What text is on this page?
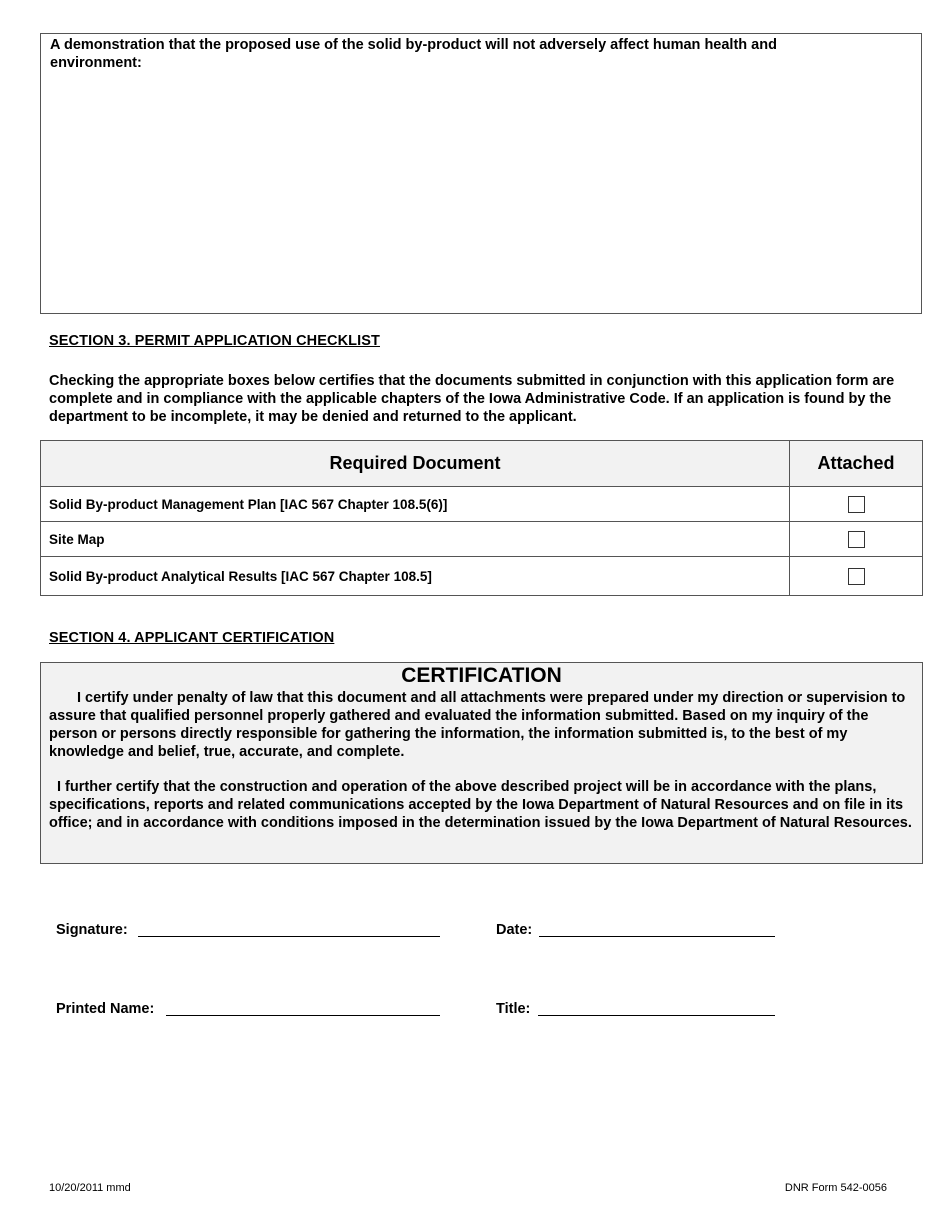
A demonstration that the proposed use of the solid by-product will not adversely affect human health and environment:
SECTION 3. PERMIT APPLICATION CHECKLIST
Checking the appropriate boxes below certifies that the documents submitted in conjunction with this application form are complete and in compliance with the applicable chapters of the Iowa Administrative Code. If an application is found by the department to be incomplete, it may be denied and returned to the applicant.
Required Document	Attached
Solid By-product Management Plan [IAC 567 Chapter 108.5(6)]	
Site Map	
Solid By-product Analytical Results [IAC 567 Chapter 108.5]	
SECTION 4. APPLICANT CERTIFICATION
CERTIFICATION
I certify under penalty of law that this document and all attachments were prepared under my direction or supervision to assure that qualified personnel properly gathered and evaluated the information submitted. Based on my inquiry of the person or persons directly responsible for gathering the information, the information submitted is, to the best of my knowledge and belief, true, accurate, and complete.
I further certify that the construction and operation of the above described project will be in accordance with the plans, specifications, reports and related communications accepted by the Iowa Department of Natural Resources and on file in its office; and in accordance with conditions imposed in the determination issued by the Iowa Department of Natural Resources.
Signature:	Date:
Printed Name:	Title:
10/20/2011 mmd	DNR Form 542-0056
